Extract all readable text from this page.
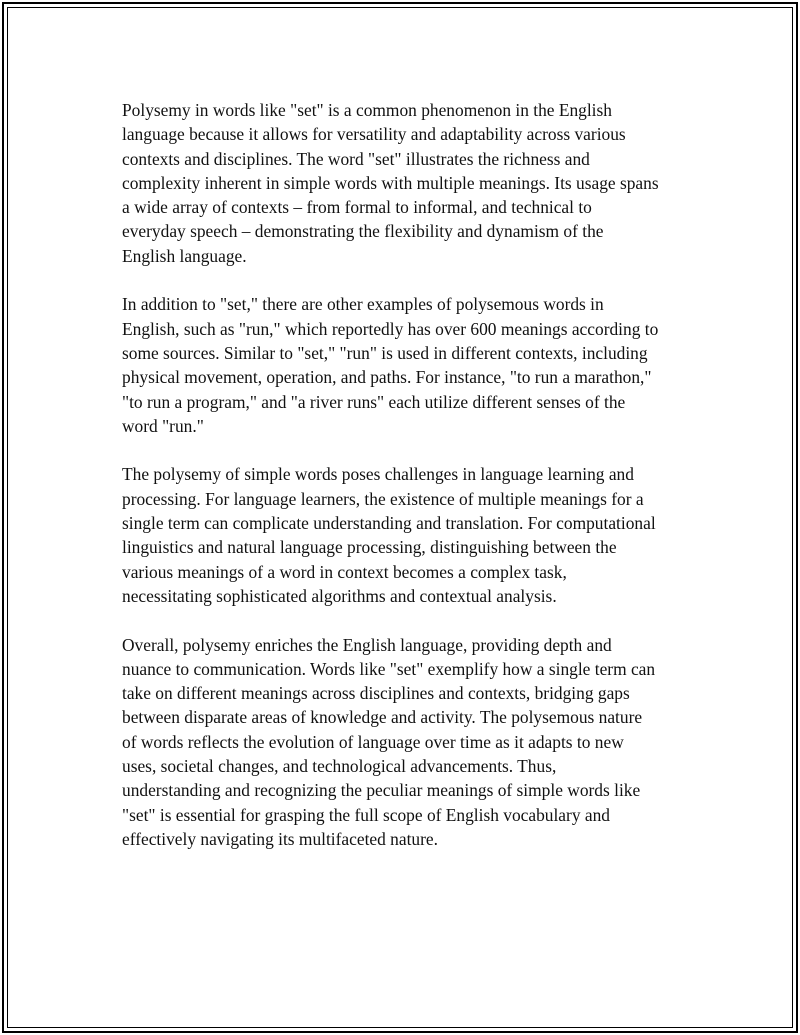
Polysemy in words like "set" is a common phenomenon in the English
language because it allows for versatility and adaptability across various
contexts and disciplines. The word "set" illustrates the richness and
complexity inherent in simple words with multiple meanings. Its usage spans
a wide array of contexts – from formal to informal, and technical to
everyday speech – demonstrating the flexibility and dynamism of the
English language.

In addition to "set," there are other examples of polysemous words in
English, such as "run," which reportedly has over 600 meanings according to
some sources. Similar to "set," "run" is used in different contexts, including
physical movement, operation, and paths. For instance, "to run a marathon,"
"to run a program," and "a river runs" each utilize different senses of the
word "run."

The polysemy of simple words poses challenges in language learning and
processing. For language learners, the existence of multiple meanings for a
single term can complicate understanding and translation. For computational
linguistics and natural language processing, distinguishing between the
various meanings of a word in context becomes a complex task,
necessitating sophisticated algorithms and contextual analysis.

Overall, polysemy enriches the English language, providing depth and
nuance to communication. Words like "set" exemplify how a single term can
take on different meanings across disciplines and contexts, bridging gaps
between disparate areas of knowledge and activity. The polysemous nature
of words reflects the evolution of language over time as it adapts to new
uses, societal changes, and technological advancements. Thus,
understanding and recognizing the peculiar meanings of simple words like
"set" is essential for grasping the full scope of English vocabulary and
effectively navigating its multifaceted nature.
